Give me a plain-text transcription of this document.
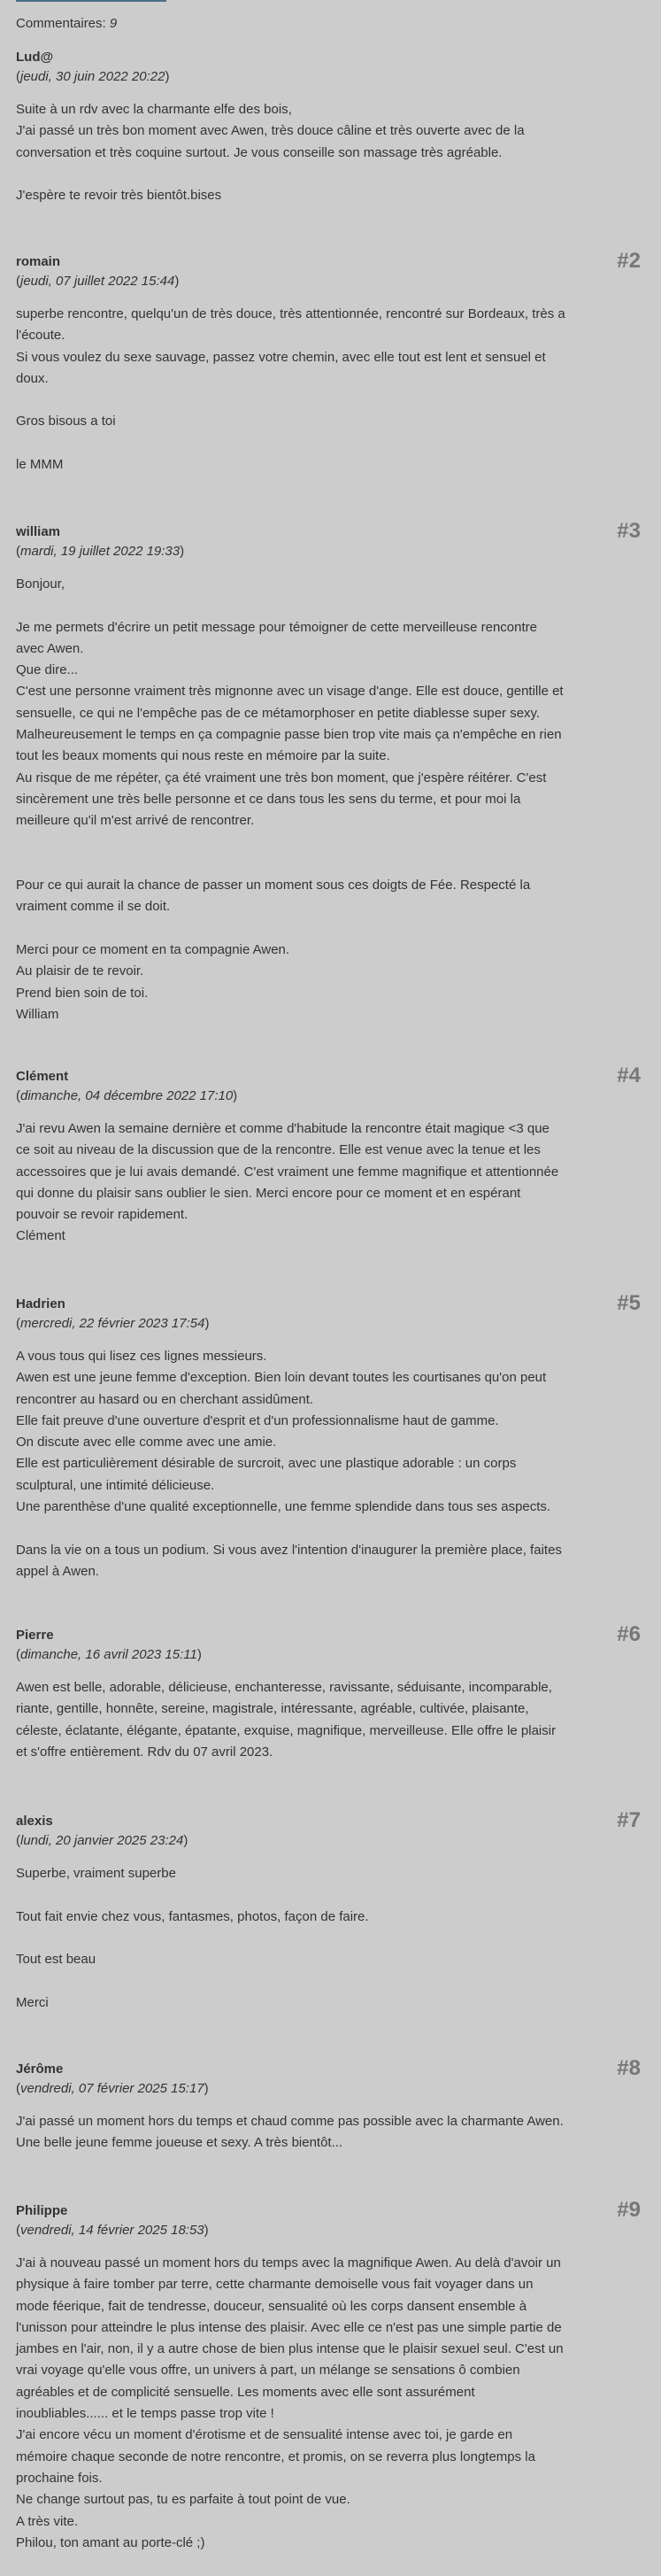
Commentaires: 9

Lud@

(jeudi, 30 juin 2022 20:22)

Suite à un rdv avec la charmante elfe des bois,

J'ai passé un très bon moment avec Awen, très douce câline et très ouverte avec de la

conversation et très coquine surtout. Je vous conseille son massage très agréable.

J'espère te revoir très bientôt.bises

romain

(jeudi, 07 juillet 2022 15:44)

#2

superbe rencontre, quelqu'un de très douce, très attentionnée, rencontré sur Bordeaux, très a

l'écoute.

Si vous voulez du sexe sauvage, passez votre chemin, avec elle tout est lent et sensuel et

doux.

Gros bisous a toi

le MMM

william

(mardi, 19 juillet 2022 19:33)

#3

Bonjour,

Je me permets d'écrire un petit message pour témoigner de cette merveilleuse rencontre

avec Awen.

Que dire...

C'est une personne vraiment très mignonne avec un visage d'ange. Elle est douce, gentille et

sensuelle, ce qui ne l'empêche pas de ce métamorphoser en petite diablesse super sexy.

Malheureusement le temps en ça compagnie passe bien trop vite mais ça n'empêche en rien

tout les beaux moments qui nous reste en mémoire par la suite.

Au risque de me répéter, ça été vraiment une très bon moment, que j'espère réitérer. C'est

sincèrement une très belle personne et ce dans tous les sens du terme, et pour moi la

meilleure qu'il m'est arrivé de rencontrer.

Pour ce qui aurait la chance de passer un moment sous ces doigts de Fée. Respecté la

vraiment comme il se doit.

Merci pour ce moment en ta compagnie Awen.

Au plaisir de te revoir.

Prend bien soin de toi.

William

Clément

(dimanche, 04 décembre 2022 17:10)

#4

J'ai revu Awen la semaine dernière et comme d'habitude la rencontre était magique <3 que

ce soit au niveau de la discussion que de la rencontre. Elle est venue avec la tenue et les

accessoires que je lui avais demandé. C'est vraiment une femme magnifique et attentionnée

qui donne du plaisir sans oublier le sien. Merci encore pour ce moment et en espérant

pouvoir se revoir rapidement.

Clément

Hadrien

(mercredi, 22 février 2023 17:54)

#5

A vous tous qui lisez ces lignes messieurs.

Awen est une jeune femme d'exception. Bien loin devant toutes les courtisanes qu'on peut

rencontrer au hasard ou en cherchant assidûment.

Elle fait preuve d'une ouverture d'esprit et d'un professionnalisme haut de gamme.

On discute avec elle comme avec une amie.

Elle est particulièrement désirable de surcroit, avec une plastique adorable : un corps

sculptural, une intimité délicieuse.

Une parenthèse d'une qualité exceptionnelle, une femme splendide dans tous ses aspects.

Dans la vie on a tous un podium. Si vous avez l'intention d'inaugurer la première place, faites

appel à Awen.

Pierre

(dimanche, 16 avril 2023 15:11)

#6

Awen est belle, adorable, délicieuse, enchanteresse, ravissante, séduisante, incomparable,

riante, gentille, honnête, sereine, magistrale, intéressante, agréable, cultivée, plaisante,

céleste, éclatante, élégante, épatante, exquise, magnifique, merveilleuse. Elle offre le plaisir

et s'offre entièrement. Rdv du 07 avril 2023.

alexis

(lundi, 20 janvier 2025 23:24)

#7

Superbe, vraiment superbe

Tout fait envie chez vous, fantasmes, photos, façon de faire.

Tout est beau

Merci

Jérôme

(vendredi, 07 février 2025 15:17)

#8

J'ai passé un moment hors du temps et chaud comme pas possible avec la charmante Awen.

Une belle jeune femme joueuse et sexy. A très bientôt...

Philippe

(vendredi, 14 février 2025 18:53)

#9

J'ai à nouveau passé un moment hors du temps avec la magnifique Awen. Au delà d'avoir un

physique à faire tomber par terre, cette charmante demoiselle vous fait voyager dans un

mode féerique, fait de tendresse, douceur, sensualité où les corps dansent ensemble à

l'unisson pour atteindre le plus intense des plaisir. Avec elle ce n'est pas une simple partie de

jambes en l'air, non, il y a autre chose de bien plus intense que le plaisir sexuel seul. C'est un

vrai voyage qu'elle vous offre, un univers à part, un mélange se sensations ô combien

agréables et de complicité sensuelle. Les moments avec elle sont assurément

inoubliables...... et le temps passe trop vite !

J'ai encore vécu un moment d'érotisme et de sensualité intense avec toi, je garde en

mémoire chaque seconde de notre rencontre, et promis, on se reverra plus longtemps la

prochaine fois.

Ne change surtout pas, tu es parfaite à tout point de vue.

A très vite.

Philou, ton amant au porte-clé ;)
